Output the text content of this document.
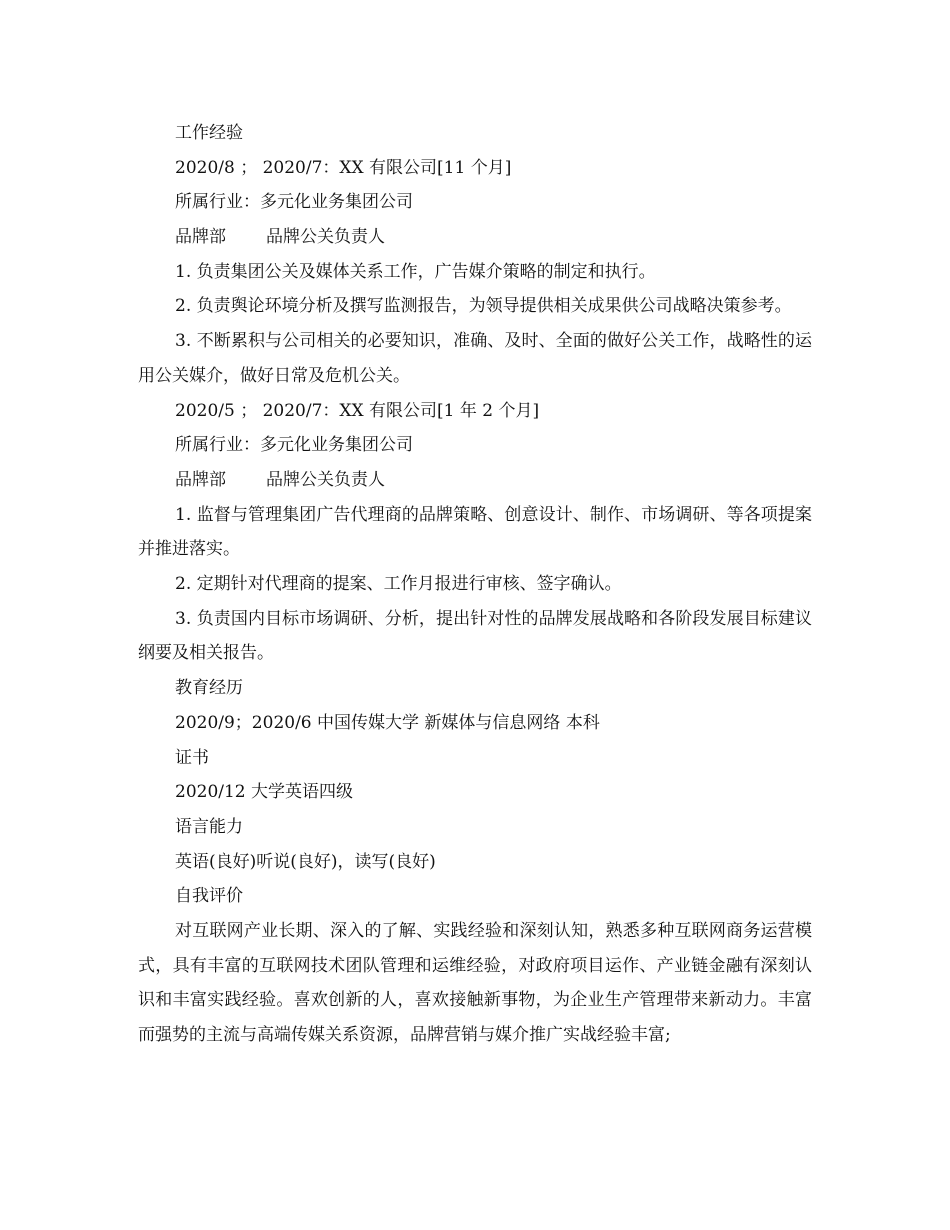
工作经验

2020/8 ； 2020/7：XX 有限公司[11 个月]

所属行业：多元化业务集团公司

品牌部 品牌公关负责人

1. 负责集团公关及媒体关系工作，广告媒介策略的制定和执行。

2. 负责舆论环境分析及撰写监测报告，为领导提供相关成果供公司战略决策参考。

3. 不断累积与公司相关的必要知识，准确、及时、全面的做好公关工作，战略性的运用公关媒介，做好日常及危机公关。

2020/5 ； 2020/7：XX 有限公司[1 年 2 个月]

所属行业：多元化业务集团公司

品牌部 品牌公关负责人

1. 监督与管理集团广告代理商的品牌策略、创意设计、制作、市场调研、等各项提案并推进落实。

2. 定期针对代理商的提案、工作月报进行审核、签字确认。

3. 负责国内目标市场调研、分析，提出针对性的品牌发展战略和各阶段发展目标建议纲要及相关报告。

教育经历

2020/9；2020/6 中国传媒大学 新媒体与信息网络 本科

证书

2020/12 大学英语四级

语言能力

英语(良好)听说(良好)，读写(良好)

自我评价

对互联网产业长期、深入的了解、实践经验和深刻认知，熟悉多种互联网商务运营模式，具有丰富的互联网技术团队管理和运维经验，对政府项目运作、产业链金融有深刻认识和丰富实践经验。喜欢创新的人，喜欢接触新事物，为企业生产管理带来新动力。丰富而强势的主流与高端传媒关系资源，品牌营销与媒介推广实战经验丰富;
